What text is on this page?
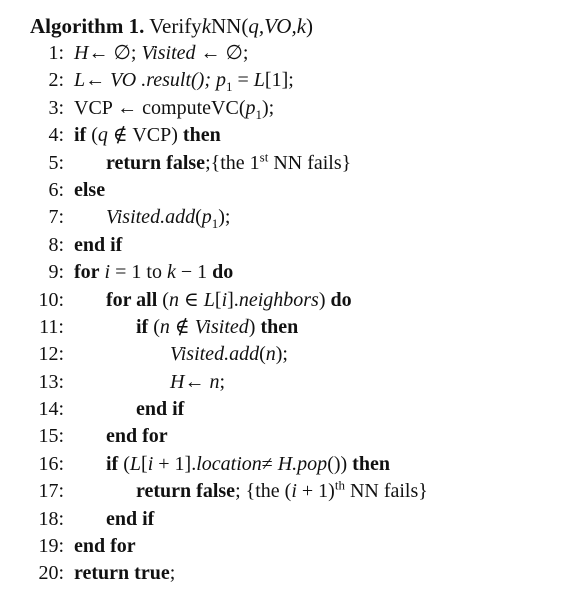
Algorithm 1. VerifykNN(q,VO,k)
1: H← ∅; Visited ← ∅;
2: L← VO .result(); $p_1 = L[1]$;
3: VCP ← $computeVC(p_1)$;
4: if (q ∉ VCP) then
5: return false;{the 1st NN fails}
6: else
7: $Visited.add(p_1)$;
8: end if
9: for i = 1 to k − 1 do
10: for all (n ∈ L[i].neighbors) do
11:	if (n ∉ Visited) then
12:	Visited.add(n);
13:	H← n;
14:	end if
15: end for
16: if (L[i + 1].location≠ H.pop()) then
17:	return false; {the $(i + 1)^{th}$ NN fails}
18: end if
19: end for
20: return true;
